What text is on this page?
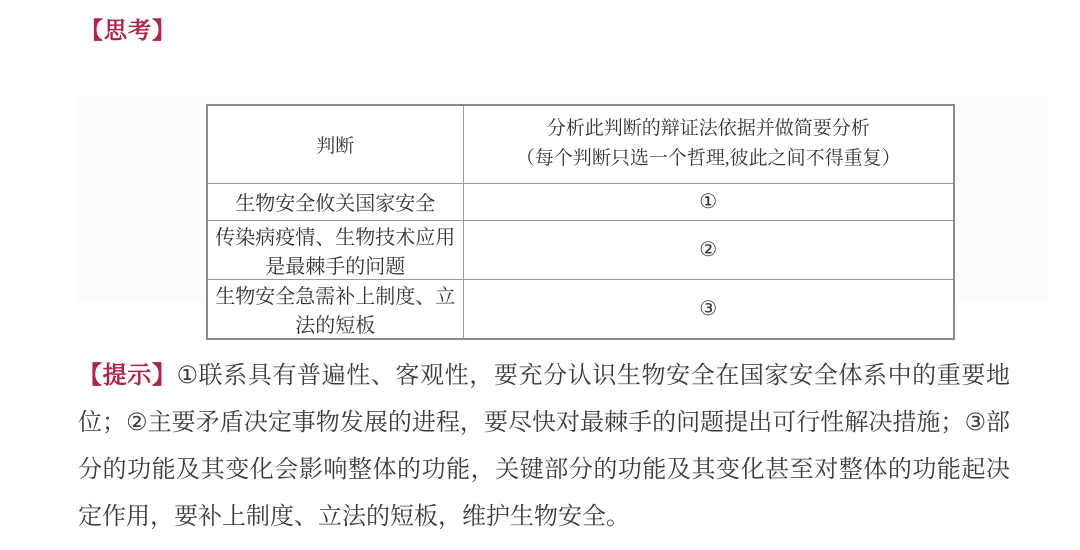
【思考】
判断	分析此判断的辩证法依据并做简要分析
（每个判断只选一个哲理,彼此之间不得重复）

生物安全攸关国家安全	①
传染病疫情、生物技术应用是最棘手的问题	②
生物安全急需补上制度、立法的短板	③

【提示】①联系具有普遍性、客观性，要充分认识生物安全在国家安全体系中的重要地位；②主要矛盾决定事物发展的进程，要尽快对最棘手的问题提出可行性解决措施；③部分的功能及其变化会影响整体的功能，关键部分的功能及其变化甚至对整体的功能起决定作用，要补上制度、立法的短板，维护生物安全。
